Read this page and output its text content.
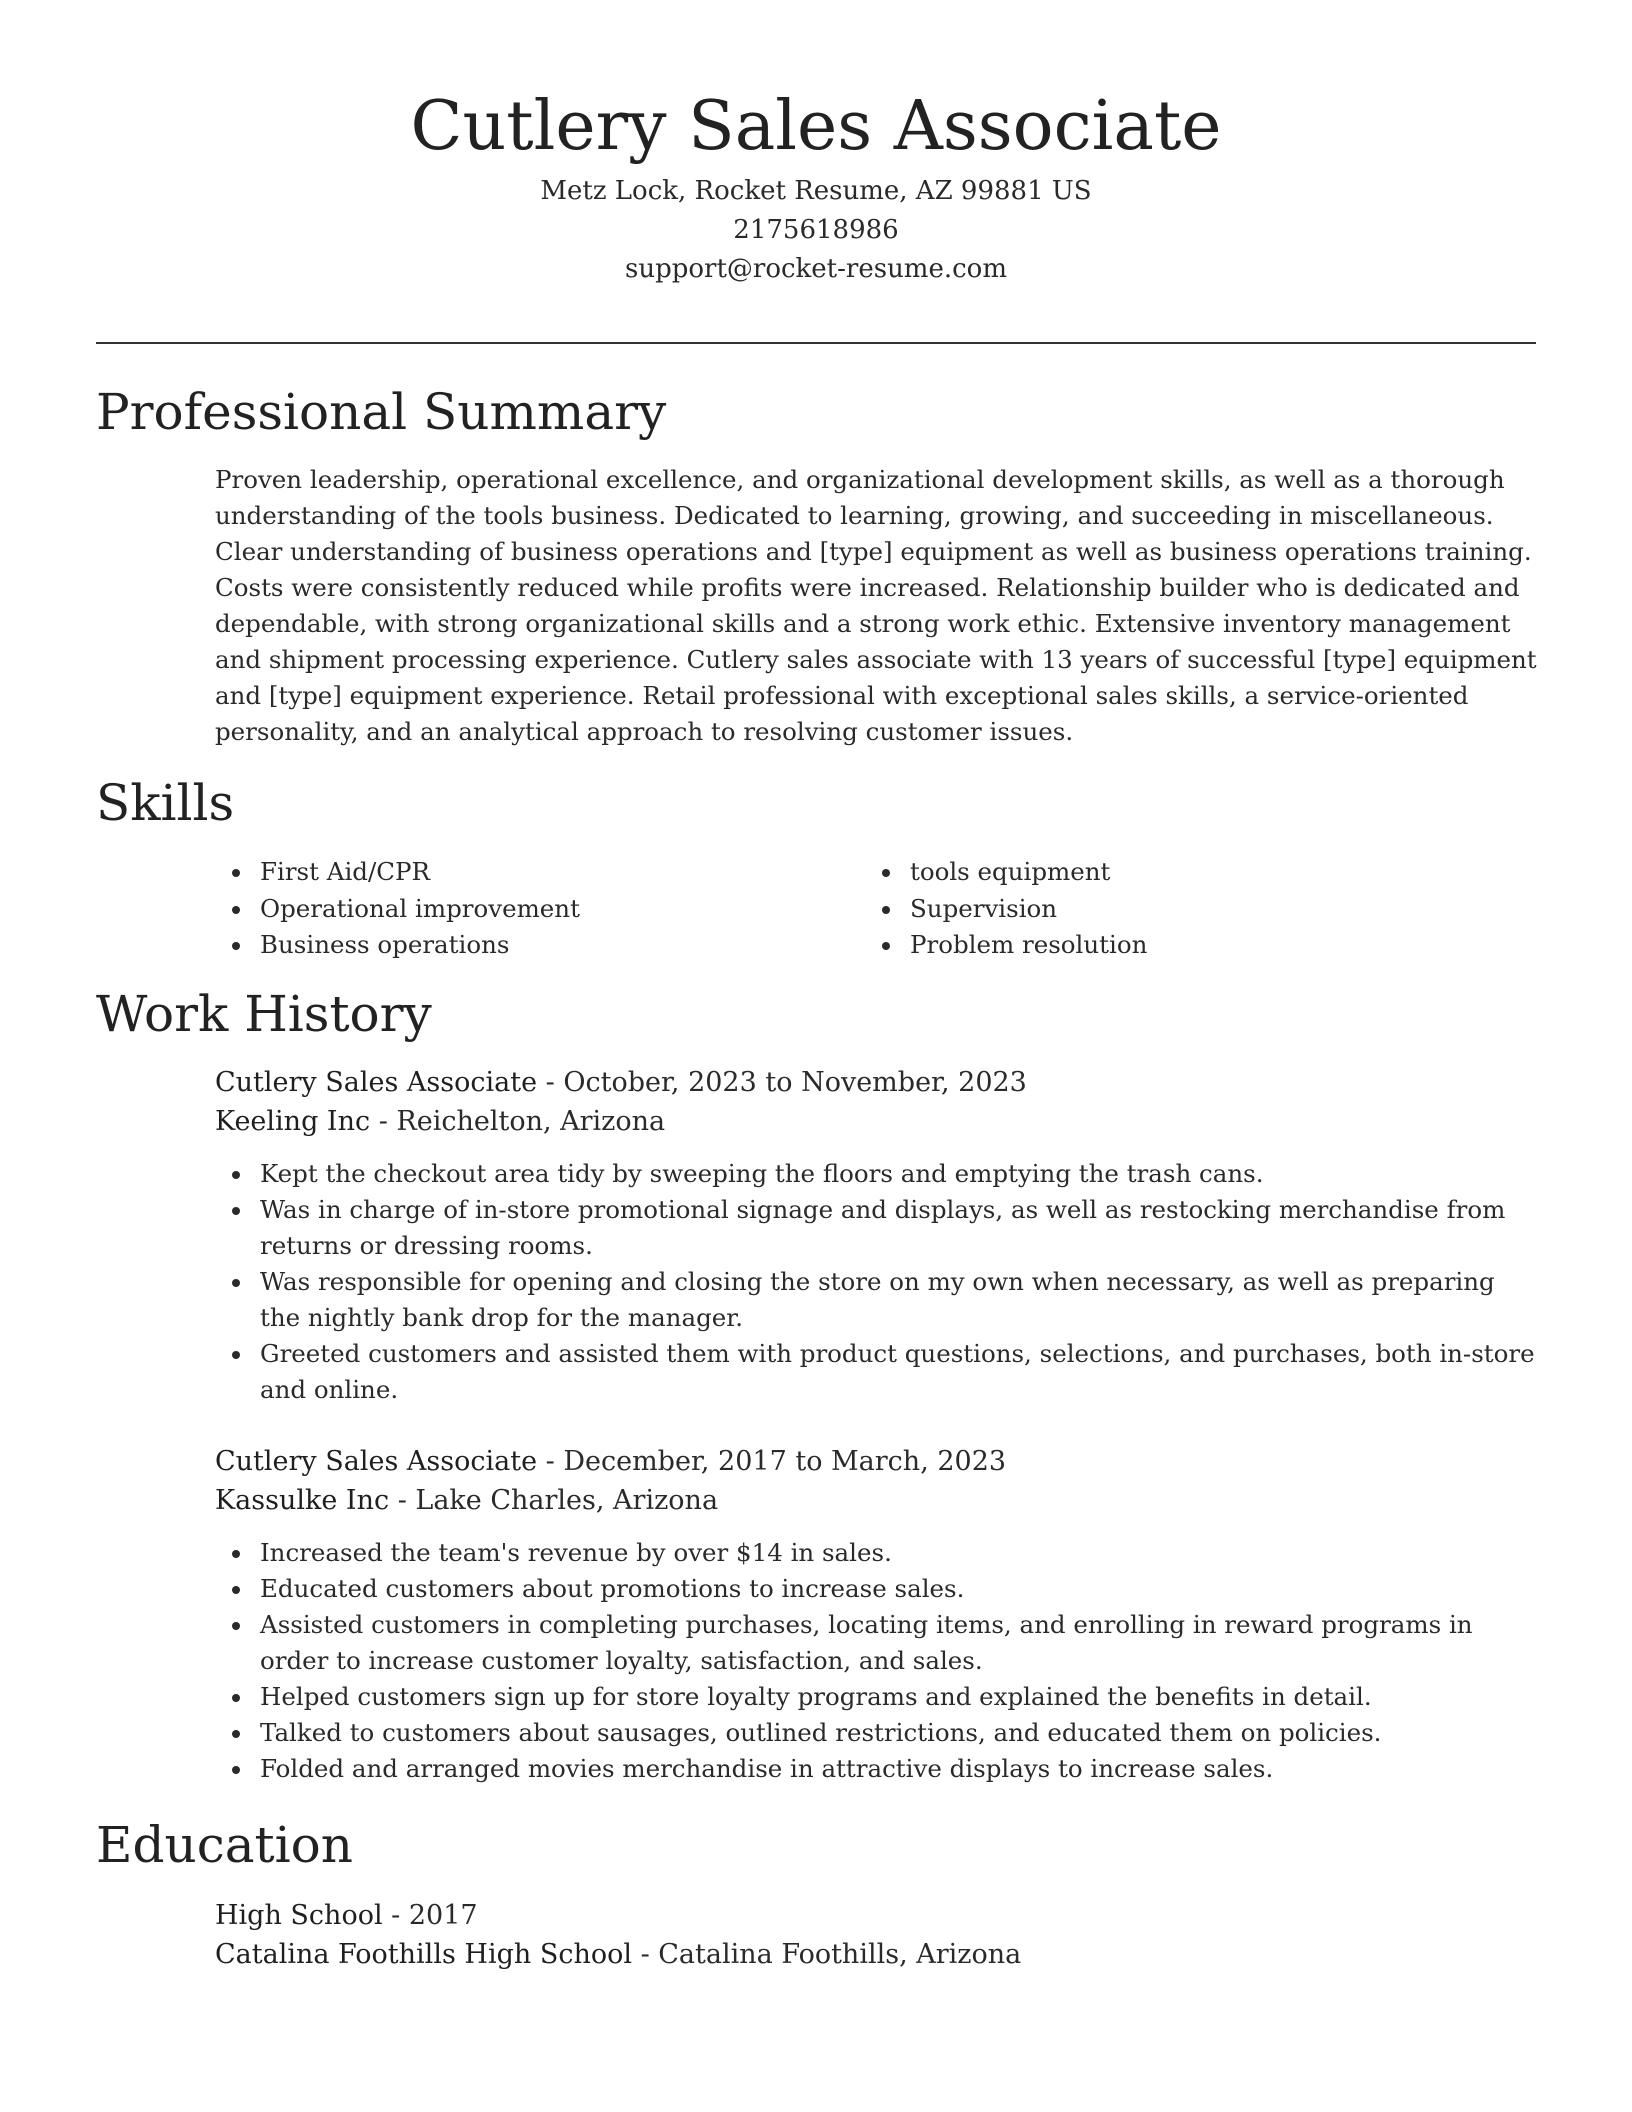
Cutlery Sales Associate
Metz Lock, Rocket Resume, AZ 99881 US
2175618986
support@rocket-resume.com
Professional Summary

Proven leadership, operational excellence, and organizational development skills, as well as a thorough understanding of the tools business. Dedicated to learning, growing, and succeeding in miscellaneous. Clear understanding of business operations and [type] equipment as well as business operations training. Costs were consistently reduced while profits were increased. Relationship builder who is dedicated and dependable, with strong organizational skills and a strong work ethic. Extensive inventory management and shipment processing experience. Cutlery sales associate with 13 years of successful [type] equipment and [type] equipment experience. Retail professional with exceptional sales skills, a service-oriented personality, and an analytical approach to resolving customer issues.

Skills
First Aid/CPR
Operational improvement
Business operations
tools equipment
Supervision
Problem resolution
Work History
Cutlery Sales Associate - October, 2023 to November, 2023
Keeling Inc - Reichelton, Arizona
Kept the checkout area tidy by sweeping the floors and emptying the trash cans.
Was in charge of in-store promotional signage and displays, as well as restocking merchandise from returns or dressing rooms.
Was responsible for opening and closing the store on my own when necessary, as well as preparing the nightly bank drop for the manager.
Greeted customers and assisted them with product questions, selections, and purchases, both in-store and online.
Cutlery Sales Associate - December, 2017 to March, 2023
Kassulke Inc - Lake Charles, Arizona
Increased the team's revenue by over $14 in sales.
Educated customers about promotions to increase sales.
Assisted customers in completing purchases, locating items, and enrolling in reward programs in order to increase customer loyalty, satisfaction, and sales.
Helped customers sign up for store loyalty programs and explained the benefits in detail.
Talked to customers about sausages, outlined restrictions, and educated them on policies.
Folded and arranged movies merchandise in attractive displays to increase sales.
Education
High School - 2017
Catalina Foothills High School - Catalina Foothills, Arizona
